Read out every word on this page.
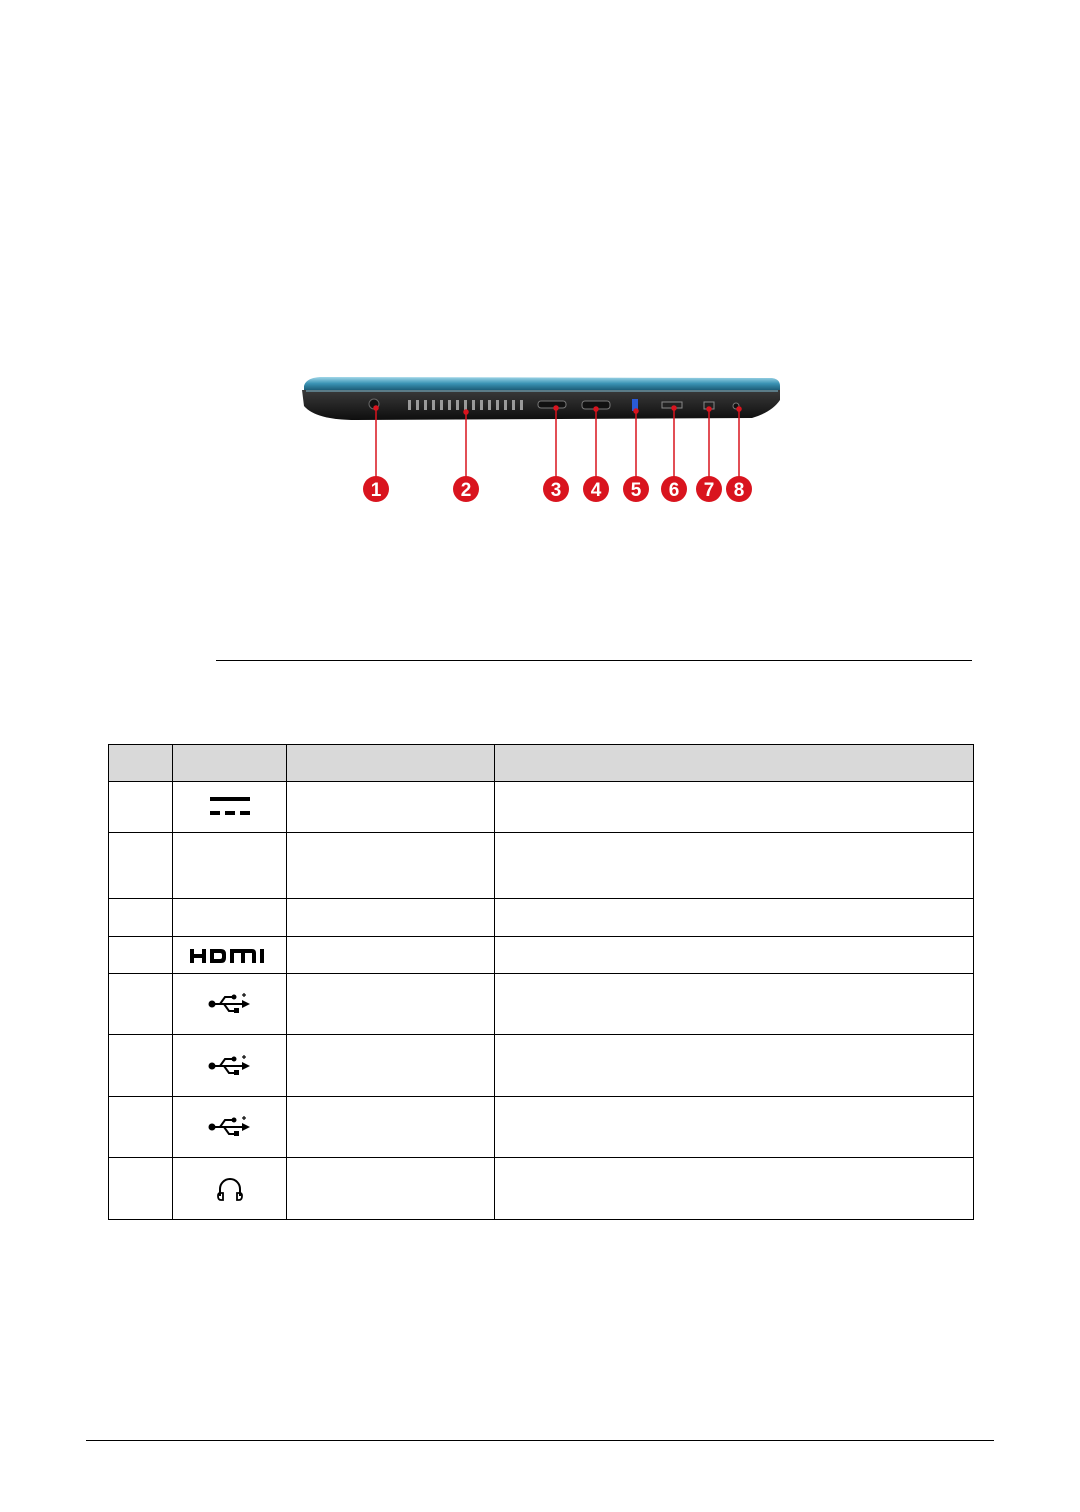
1	2	3 4 5 6 7 8
